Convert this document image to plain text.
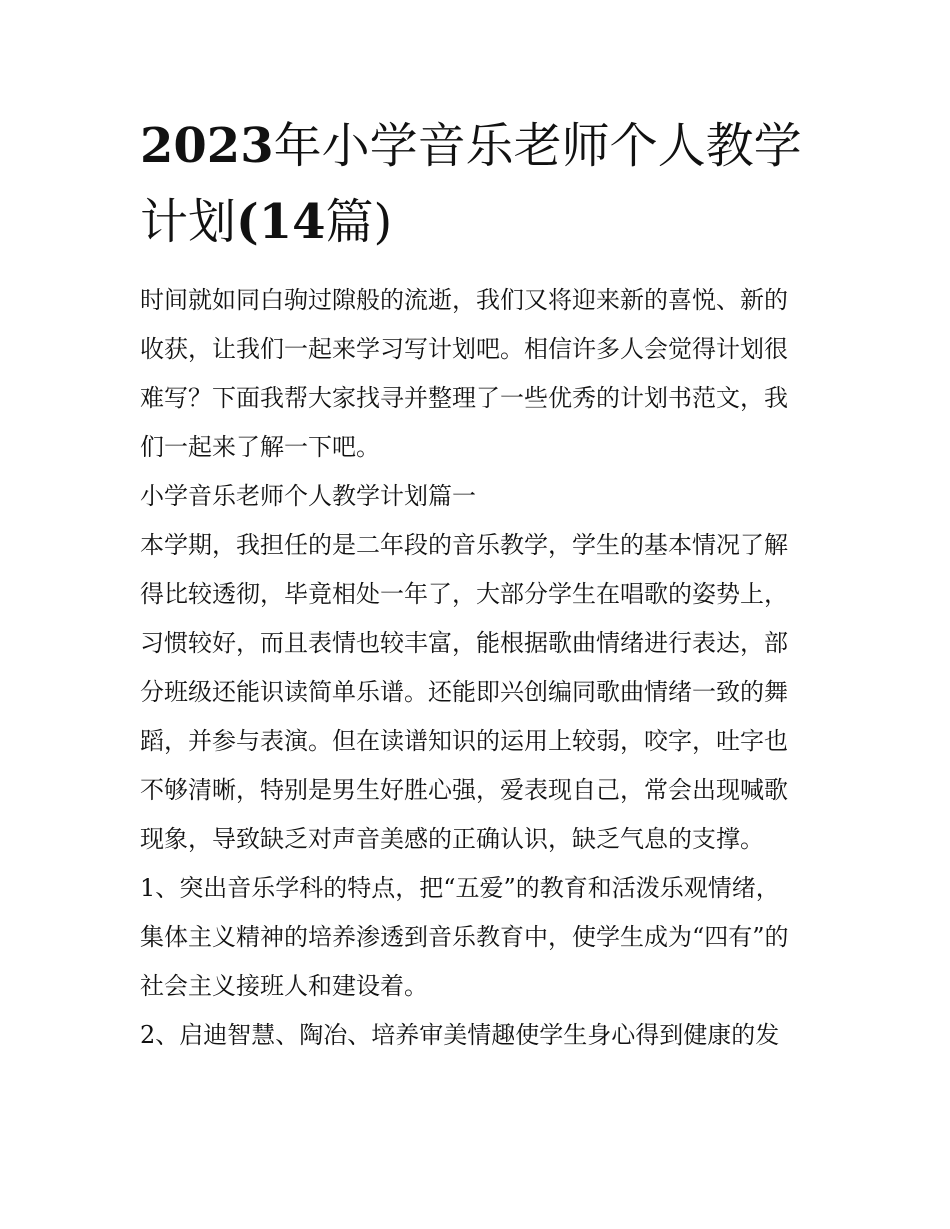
2023年小学音乐老师个人教学
计划(14篇)

时间就如同白驹过隙般的流逝，我们又将迎来新的喜悦、新的
收获，让我们一起来学习写计划吧。相信许多人会觉得计划很
难写？下面我帮大家找寻并整理了一些优秀的计划书范文，我
们一起来了解一下吧。

小学音乐老师个人教学计划篇一

本学期，我担任的是二年段的音乐教学，学生的基本情况了解
得比较透彻，毕竟相处一年了，大部分学生在唱歌的姿势上，
习惯较好，而且表情也较丰富，能根据歌曲情绪进行表达，部
分班级还能识读简单乐谱。还能即兴创编同歌曲情绪一致的舞
蹈，并参与表演。但在读谱知识的运用上较弱，咬字，吐字也
不够清晰，特别是男生好胜心强，爱表现自己，常会出现喊歌
现象，导致缺乏对声音美感的正确认识，缺乏气息的支撑。

1、突出音乐学科的特点，把“五爱”的教育和活泼乐观情绪，
集体主义精神的培养渗透到音乐教育中，使学生成为“四有”的
社会主义接班人和建设着。

2、启迪智慧、陶冶、培养审美情趣使学生身心得到健康的发
